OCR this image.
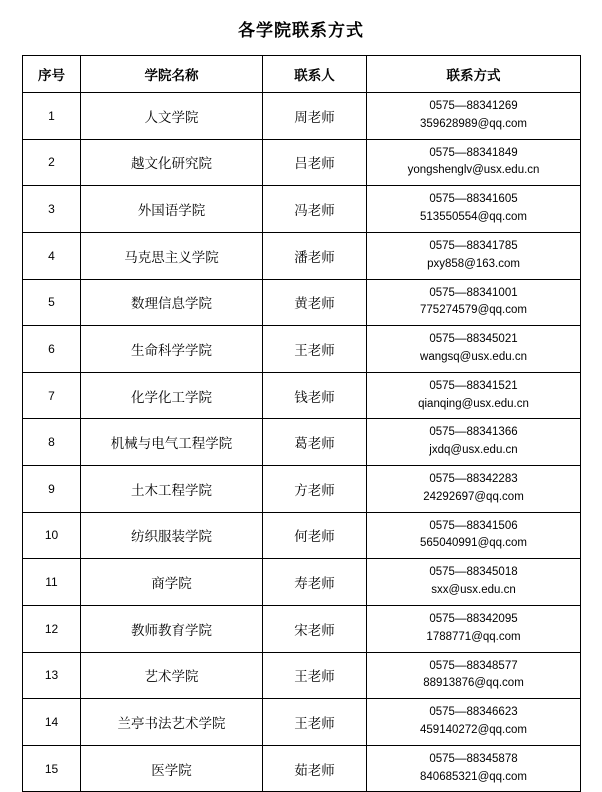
各学院联系方式
序号	学院名称	联系人	联系方式
1	人文学院	周老师	0575—88341269
359628989@qq.com

2	越文化研究院	吕老师	0575—88341849
yongshenglv@usx.edu.cn

3	外国语学院	冯老师	0575—88341605
513550554@qq.com

4	马克思主义学院	潘老师	0575—88341785
pxy858@163.com

5	数理信息学院	黄老师	0575—88341001
775274579@qq.com

6	生命科学学院	王老师	0575—88345021
wangsq@usx.edu.cn

7	化学化工学院	钱老师	0575—88341521
qianqing@usx.edu.cn

8	机械与电气工程学院	葛老师	0575—88341366
jxdq@usx.edu.cn

9	土木工程学院	方老师	0575—88342283
24292697@qq.com

10	纺织服装学院	何老师	0575—88341506
565040991@qq.com

11	商学院	寿老师	0575—88345018
sxx@usx.edu.cn

12	教师教育学院	宋老师	0575—88342095
1788771@qq.com

13	艺术学院	王老师	0575—88348577
88913876@qq.com

14	兰亭书法艺术学院	王老师	0575—88346623
459140272@qq.com

15	医学院	茹老师	0575—88345878
840685321@qq.com
